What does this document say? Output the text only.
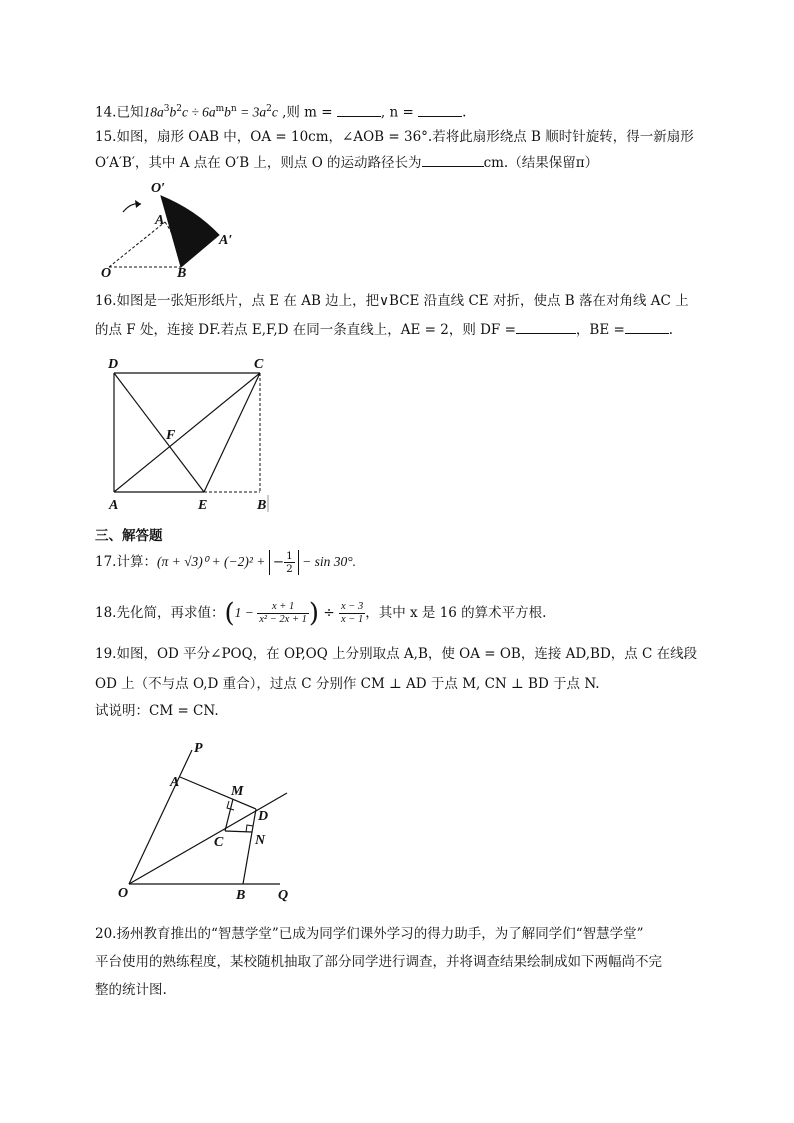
14.已知$18a^3b^2c \div 6a^mb^n = 3a^2c$ ,则 m =	, n =	.
15.如图，扇形 OAB 中，OA = 10cm，∠AOB = 36°.若将此扇形绕点 B 顺时针旋转，得一新扇形
O′A′B′，其中 A 点在 O′B 上，则点 O 的运动路径长为	cm.（结果保留π）
O′
A
A′
O	B
16.如图是一张矩形纸片，点 E 在 AB 边上，把∨BCE 沿直线 CE 对折，使点 B 落在对角线 AC 上
的点 F 处，连接 DF.若点 E,F,D 在同一条直线上，AE = 2，则 DF =	，BE =	.
D	C
F
A	E	B
三、解答题
17.计算：(π + √3)⁰ + (−2)² + − $\frac{1}{2} - \sin 30^\circ$.
18.先化简，再求值：($1 - \frac{x + 1}{\text{x² − 2x + 1}}$ ) ÷ $\frac{x - 3}{x - 1}$ ，其中 x 是 16 的算术平方根.
19.如图，OD 平分∠POQ，在 OP,OQ 上分别取点 A,B，使 OA = OB，连接 AD,BD，点 C 在线段
OD 上（不与点 O,D 重合），过点 C 分别作 CM ⊥ AD 于点 M, CN ⊥ BD 于点 N.
试说明：CM = CN.
P
A
M
D
C N
O	B Q
20.扬州教育推出的“智慧学堂”已成为同学们课外学习的得力助手，为了解同学们“智慧学堂”
平台使用的熟练程度，某校随机抽取了部分同学进行调查，并将调查结果绘制成如下两幅尚不完
整的统计图.
